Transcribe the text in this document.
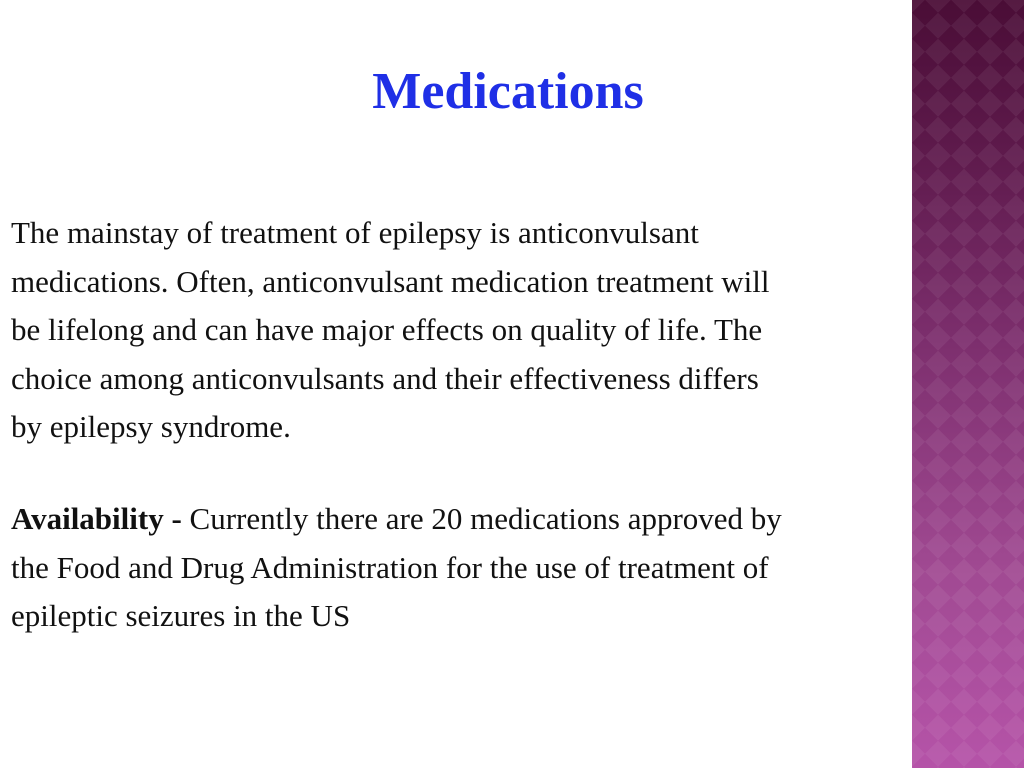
Medications

The mainstay of treatment of epilepsy is anticonvulsant
medications. Often, anticonvulsant medication treatment will
be lifelong and can have major effects on quality of life. The
choice among anticonvulsants and their effectiveness differs
by epilepsy syndrome.

Availability - Currently there are 20 medications approved by
the Food and Drug Administration for the use of treatment of
epileptic seizures in the US
